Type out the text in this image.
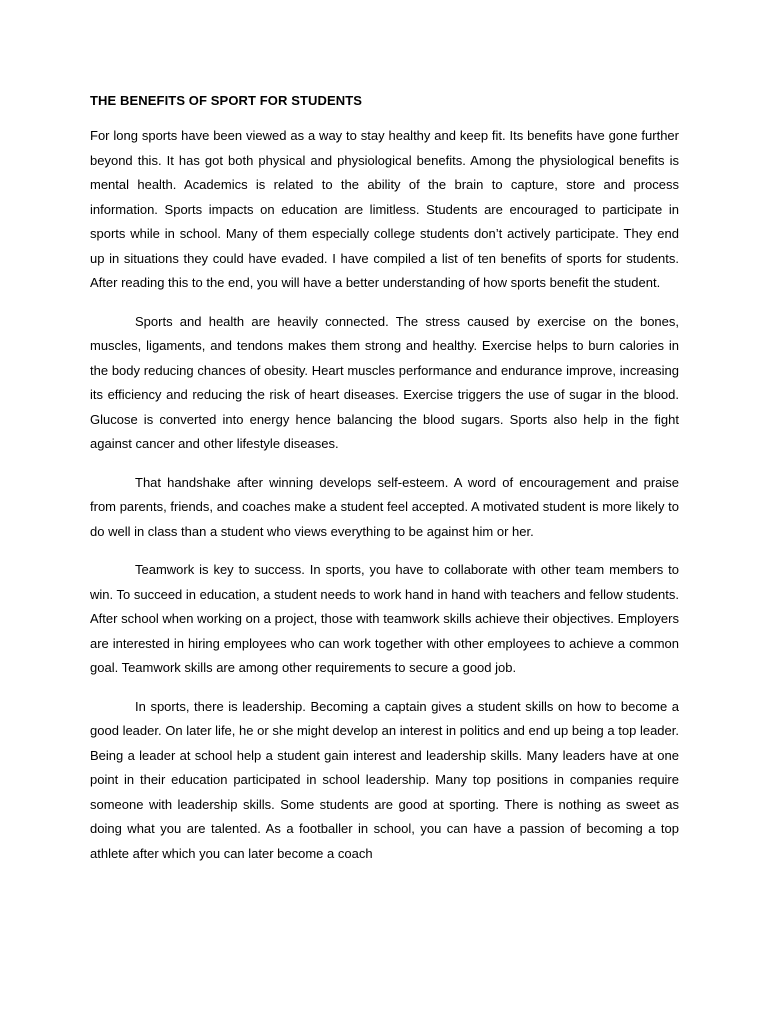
THE BENEFITS OF SPORT FOR STUDENTS

For long sports have been viewed as a way to stay healthy and keep fit. Its benefits have gone further beyond this. It has got both physical and physiological benefits. Among the physiological benefits is mental health. Academics is related to the ability of the brain to capture, store and process information. Sports impacts on education are limitless. Students are encouraged to participate in sports while in school. Many of them especially college students don’t actively participate. They end up in situations they could have evaded. I have compiled a list of ten benefits of sports for students. After reading this to the end, you will have a better understanding of how sports benefit the student.

Sports and health are heavily connected. The stress caused by exercise on the bones, muscles, ligaments, and tendons makes them strong and healthy. Exercise helps to burn calories in the body reducing chances of obesity. Heart muscles performance and endurance improve, increasing its efficiency and reducing the risk of heart diseases. Exercise triggers the use of sugar in the blood. Glucose is converted into energy hence balancing the blood sugars. Sports also help in the fight against cancer and other lifestyle diseases.

That handshake after winning develops self-esteem. A word of encouragement and praise from parents, friends, and coaches make a student feel accepted. A motivated student is more likely to do well in class than a student who views everything to be against him or her.

Teamwork is key to success. In sports, you have to collaborate with other team members to win. To succeed in education, a student needs to work hand in hand with teachers and fellow students. After school when working on a project, those with teamwork skills achieve their objectives. Employers are interested in hiring employees who can work together with other employees to achieve a common goal. Teamwork skills are among other requirements to secure a good job.

In sports, there is leadership. Becoming a captain gives a student skills on how to become a good leader. On later life, he or she might develop an interest in politics and end up being a top leader. Being a leader at school help a student gain interest and leadership skills. Many leaders have at one point in their education participated in school leadership. Many top positions in companies require someone with leadership skills. Some students are good at sporting. There is nothing as sweet as doing what you are talented. As a footballer in school, you can have a passion of becoming a top athlete after which you can later become a coach
